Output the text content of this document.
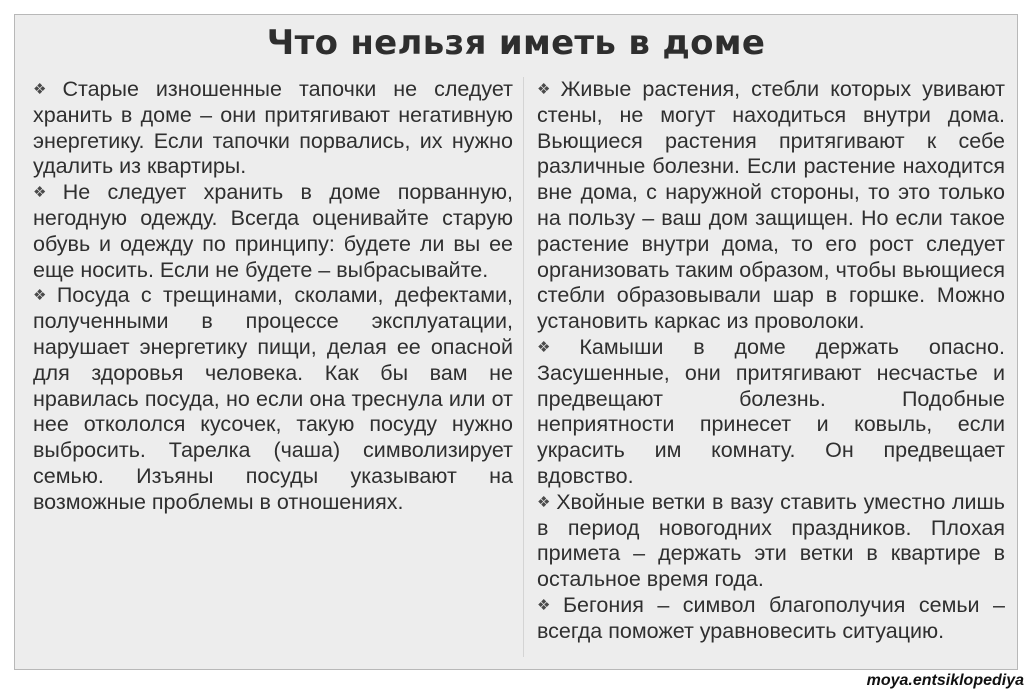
Что нельзя иметь в доме

❖ Старые изношенные тапочки не следует хранить в доме – они притягивают негативную энергетику. Если тапочки порвались, их нужно удалить из квартиры.

❖ Не следует хранить в доме порванную, негодную одежду. Всегда оценивайте старую обувь и одежду по принципу: будете ли вы ее еще носить. Если не будете – выбрасывайте.

❖ Посуда с трещинами, сколами, дефектами, полученными в процессе эксплуатации, нарушает энергетику пищи, делая ее опасной для здоровья человека. Как бы вам не нравилась посуда, но если она треснула или от нее откололся кусочек, такую посуду нужно выбросить. Тарелка (чаша) символизирует семью. Изъяны посуды указывают на возможные проблемы в отношениях.

❖ Живые растения, стебли которых увивают стены, не могут находиться внутри дома. Вьющиеся растения притягивают к себе различные болезни. Если растение находится вне дома, с наружной стороны, то это только на пользу – ваш дом защищен. Но если такое растение внутри дома, то его рост следует организовать таким образом, чтобы вьющиеся стебли образовывали шар в горшке. Можно установить каркас из проволоки.

❖ Камыши в доме держать опасно. Засушенные, они притягивают несчастье и предвещают болезнь. Подобные неприятности принесет и ковыль, если украсить им комнату. Он предвещает вдовство.

❖ Хвойные ветки в вазу ставить уместно лишь в период новогодних праздников. Плохая примета – держать эти ветки в квартире в остальное время года.

❖ Бегония – символ благополучия семьи – всегда поможет уравновесить ситуацию.

moya.entsiklopediya
